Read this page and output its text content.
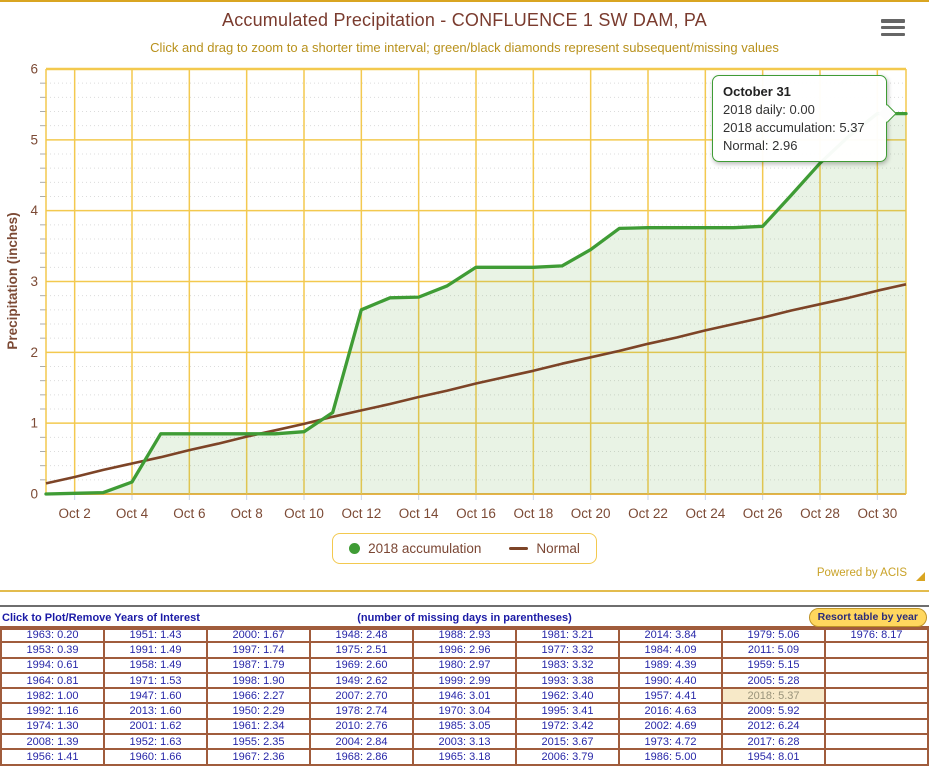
Accumulated Precipitation - CONFLUENCE 1 SW DAM, PA
Click and drag to zoom to a shorter time interval; green/black diamonds represent subsequent/missing values
Oct 2 Oct 4 Oct 6 Oct 8 Oct 10 Oct 12 Oct 14 Oct 16 Oct 18 Oct 20 Oct 22 Oct 24 Oct 26 Oct 28 Oct 30
0
1
2
3
4
5
6
Precipitation (inches)
October 31
2018 daily: 0.00
2018 accumulation: 5.37
Normal: 2.96
2018 accumulation	Normal
Powered by ACIS
(number of missing days in parentheses)
Click to Plot/Remove Years of Interest	Resort table by year
1963: 0.20	1951: 1.43	2000: 1.67	1948: 2.48	1988: 2.93	1981: 3.21	2014: 3.84	1979: 5.06	1976: 8.17
1953: 0.39	1991: 1.49	1997: 1.74	1975: 2.51	1996: 2.96	1977: 3.32	1984: 4.09	2011: 5.09	
1994: 0.61	1958: 1.49	1987: 1.79	1969: 2.60	1980: 2.97	1983: 3.32	1989: 4.39	1959: 5.15	
1964: 0.81	1971: 1.53	1998: 1.90	1949: 2.62	1999: 2.99	1993: 3.38	1990: 4.40	2005: 5.28	
1982: 1.00	1947: 1.60	1966: 2.27	2007: 2.70	1946: 3.01	1962: 3.40	1957: 4.41	2018: 5.37	
1992: 1.16	2013: 1.60	1950: 2.29	1978: 2.74	1970: 3.04	1995: 3.41	2016: 4.63	2009: 5.92	
1974: 1.30	2001: 1.62	1961: 2.34	2010: 2.76	1985: 3.05	1972: 3.42	2002: 4.69	2012: 6.24	
2008: 1.39	1952: 1.63	1955: 2.35	2004: 2.84	2003: 3.13	2015: 3.67	1973: 4.72	2017: 6.28	
1956: 1.41	1960: 1.66	1967: 2.36	1968: 2.86	1965: 3.18	2006: 3.79	1986: 5.00	1954: 8.01	
